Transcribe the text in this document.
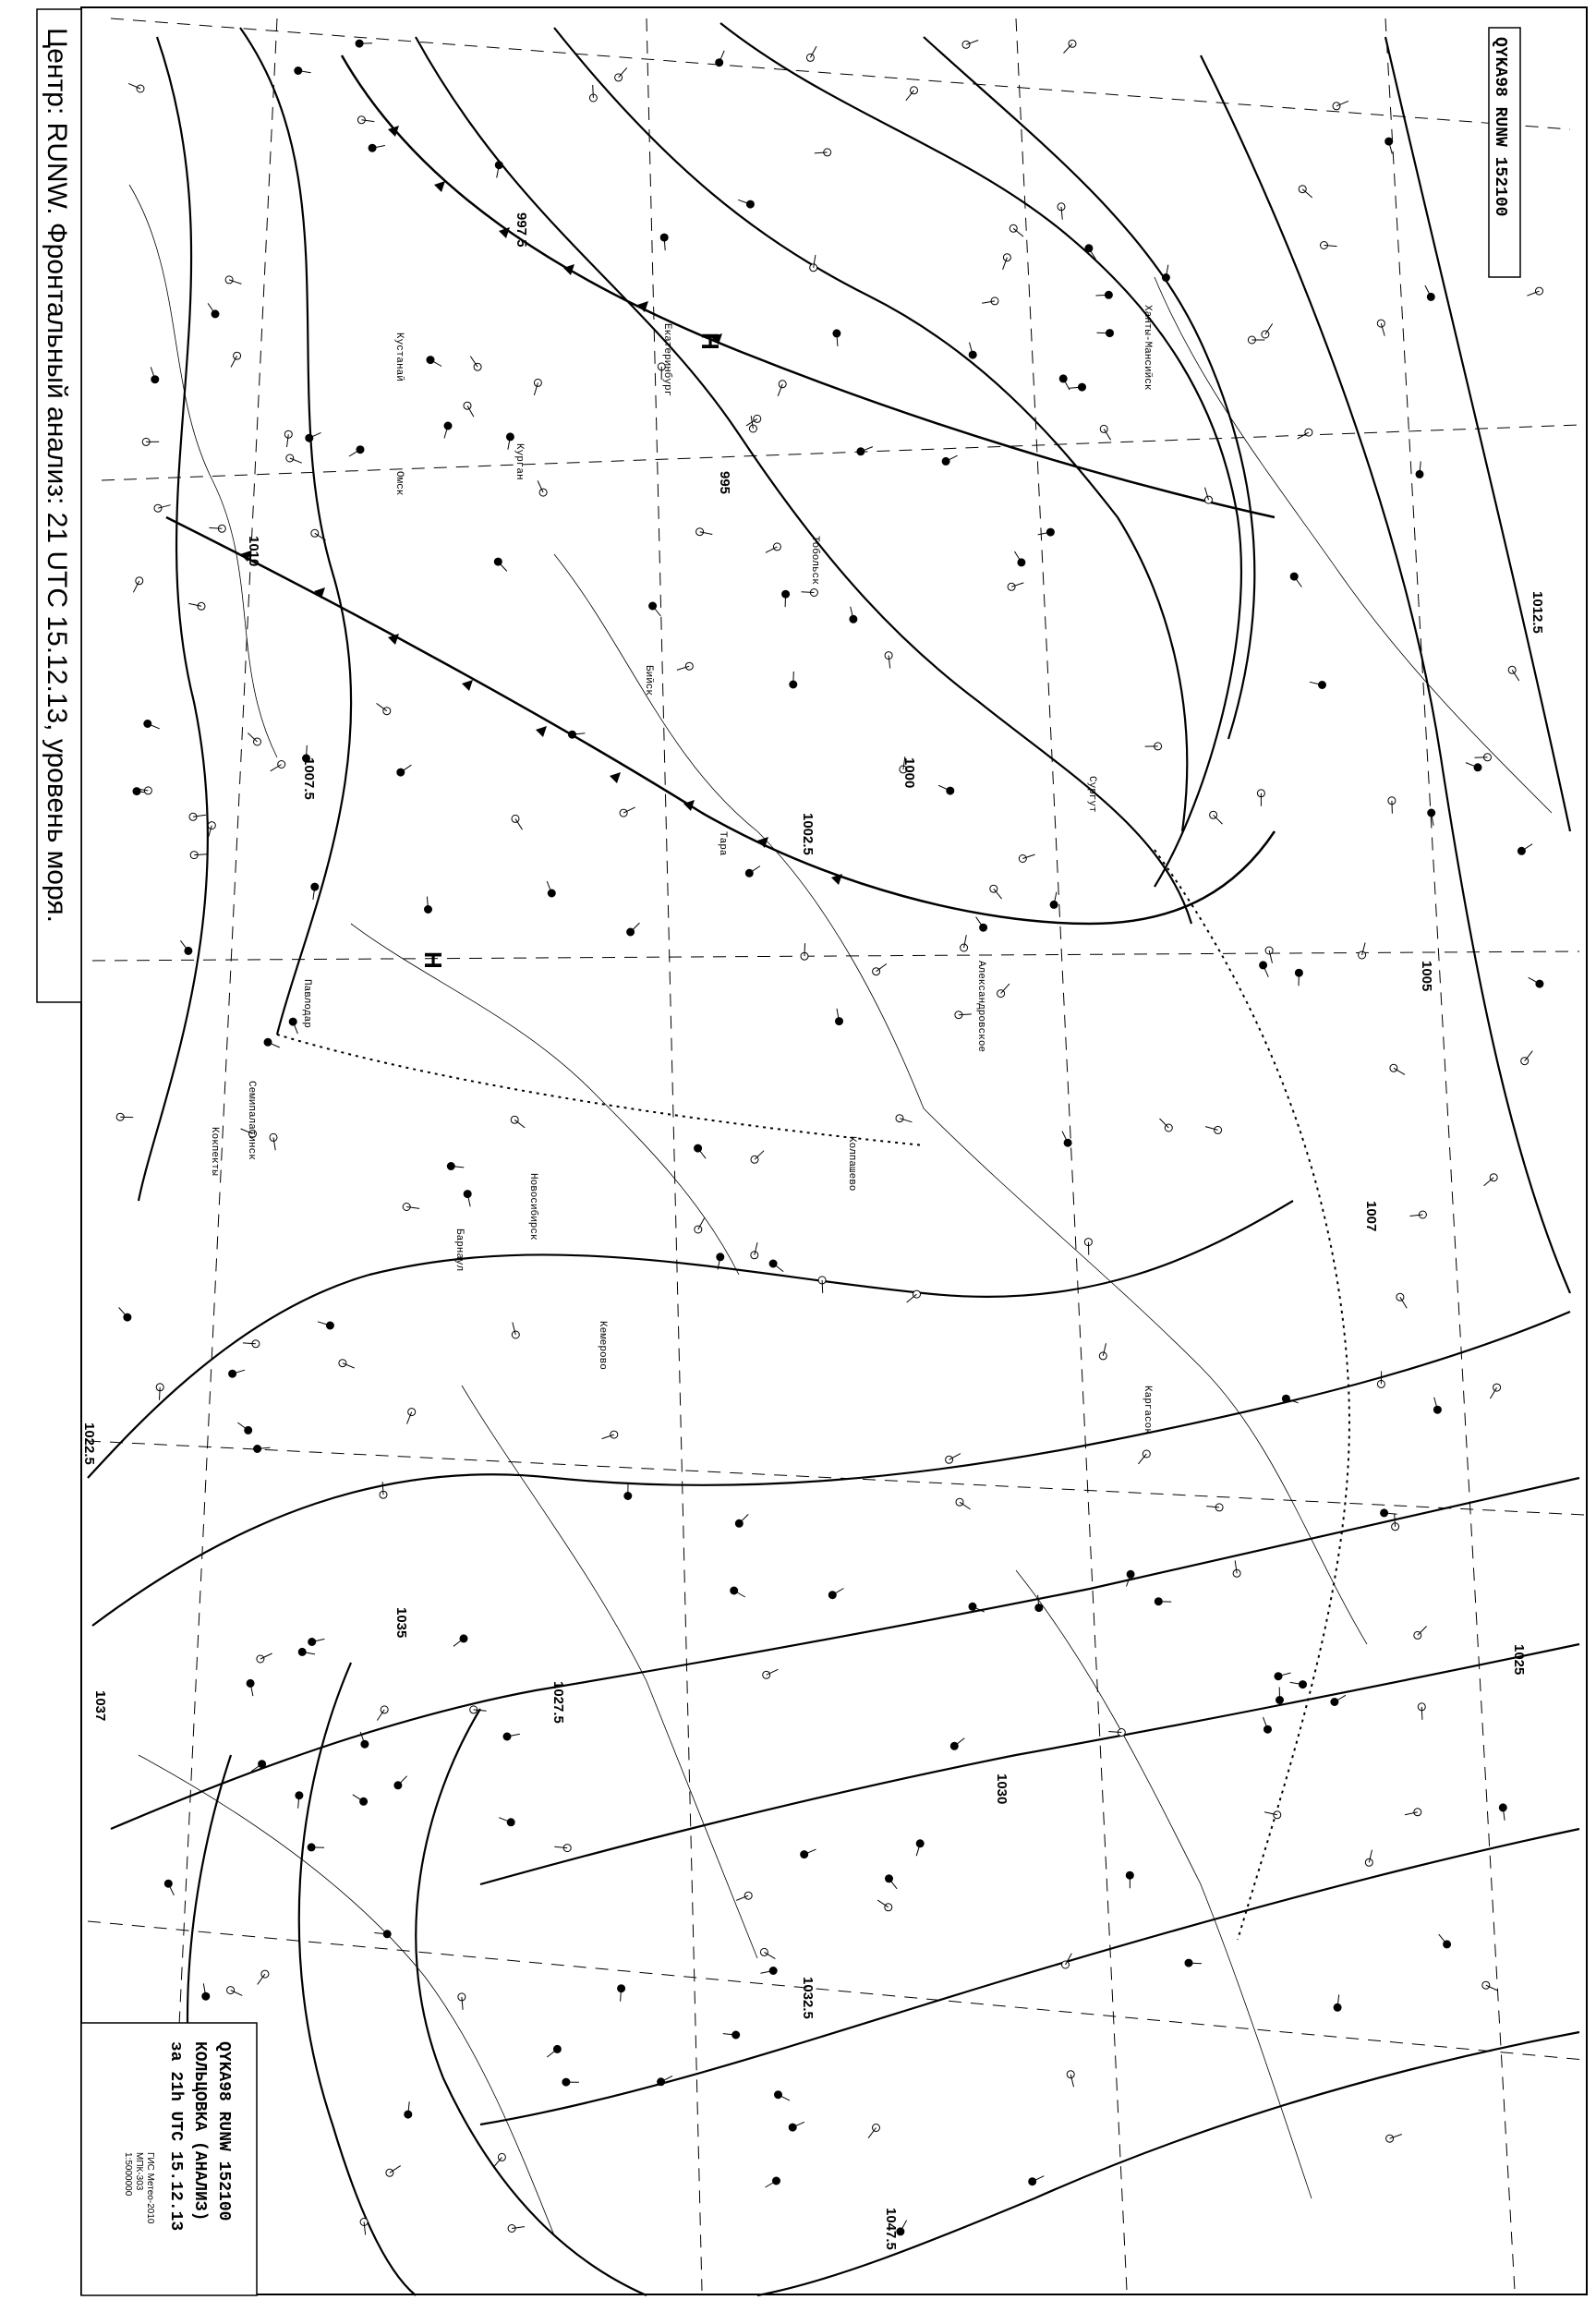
H
H
997.5
995
1000
1002.5
1005
1007
1007.5
1010
1012.5
1022.5
1025
1027.5
1030
1032.5
1035
1037
1047.5
Бийск
Барнаул
Новосибирск
Александровское
Каргасок
Кемерово
Омск
Тара
Ханты-Мансийск
Тобольск
Екатеринбург
Кустанай
Курган
Павлодар
Семипалатинск
Кокпекты	Колпашево
Сургут
Центр: RUNW. Фронтальный анализ: 21 UTC 15.12.13, уровень моря.	QYKA98 RUNW 152100
QYKA98 RUNW 152100
КОЛЬЦОВКА (АНАЛИЗ)
за 21h UTC 15.12.13
ГИС Метео-2010
MПК-303
1:5000000
